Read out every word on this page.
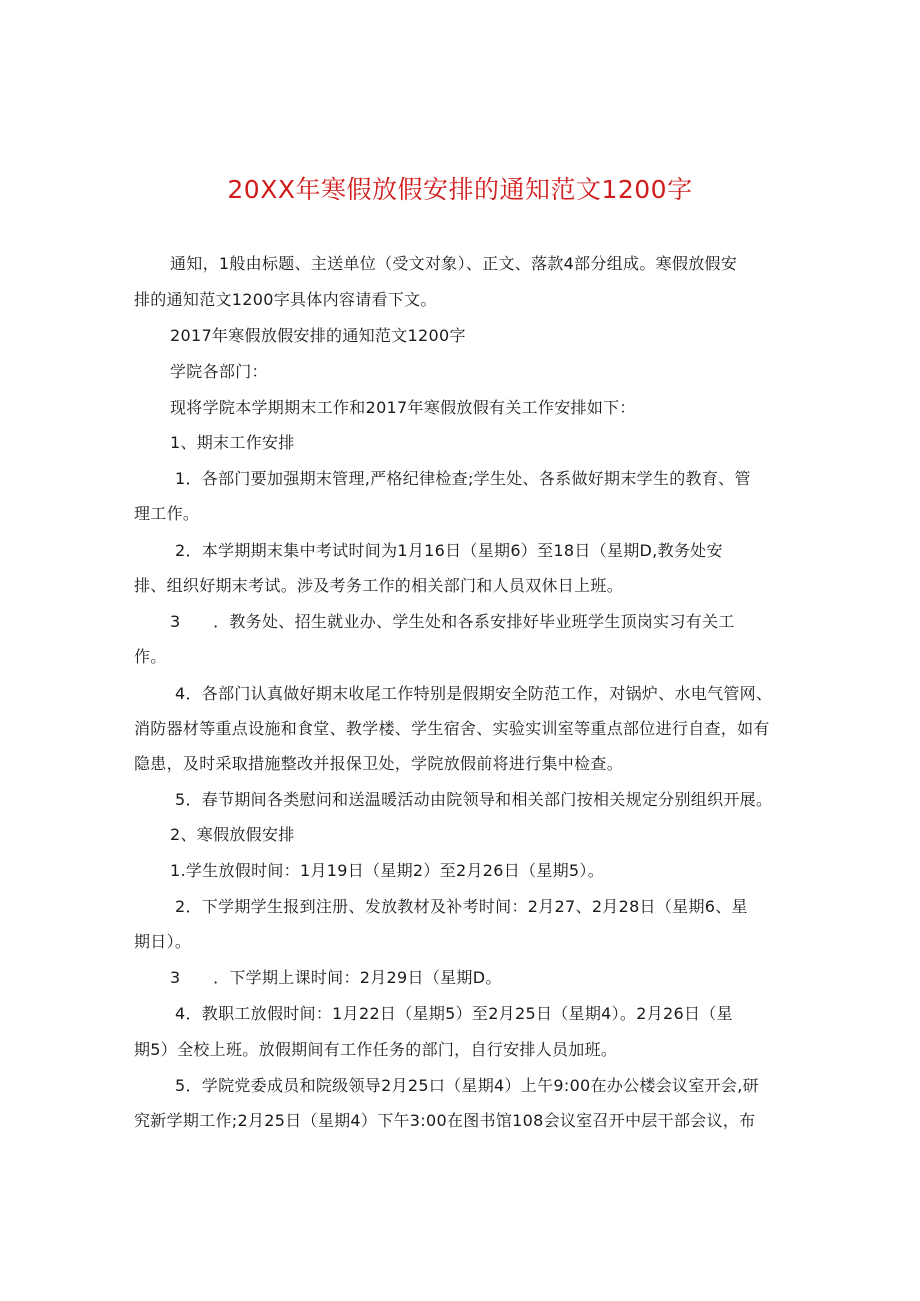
20XX年寒假放假安排的通知范文1200字
通知，1般由标题、主送单位（受文对象）、正文、落款4部分组成。寒假放假安
排的通知范文1200字具体内容请看下文。
2017年寒假放假安排的通知范文1200字
学院各部门：
现将学院本学期期末工作和2017年寒假放假有关工作安排如下：
1、期末工作安排
1．各部门要加强期末管理,严格纪律检查;学生处、各系做好期末学生的教育、管
理工作。
2．本学期期末集中考试时间为1月16日（星期6）至18日（星期D,教务处安
排、组织好期末考试。涉及考务工作的相关部门和人员双休日上班。
3　　．教务处、招生就业办、学生处和各系安排好毕业班学生顶岗实习有关工
作。
4．各部门认真做好期末收尾工作特别是假期安全防范工作，对锅炉、水电气管网、
消防器材等重点设施和食堂、教学楼、学生宿舍、实验实训室等重点部位进行自查，如有
隐患，及时采取措施整改并报保卫处，学院放假前将进行集中检查。
5．春节期间各类慰问和送温暖活动由院领导和相关部门按相关规定分别组织开展。
2、寒假放假安排
1.学生放假时间：1月19日（星期2）至2月26日（星期5）。
2．下学期学生报到注册、发放教材及补考时间：2月27、2月28日（星期6、星
期日）。
3　　．下学期上课时间：2月29日（星期D。
4．教职工放假时间：1月22日（星期5）至2月25日（星期4）。2月26日（星
期5）全校上班。放假期间有工作任务的部门，自行安排人员加班。
5．学院党委成员和院级领导2月25口（星期4）上午9:00在办公楼会议室开会,研
究新学期工作;2月25日（星期4）下午3:00在图书馆108会议室召开中层干部会议，布
